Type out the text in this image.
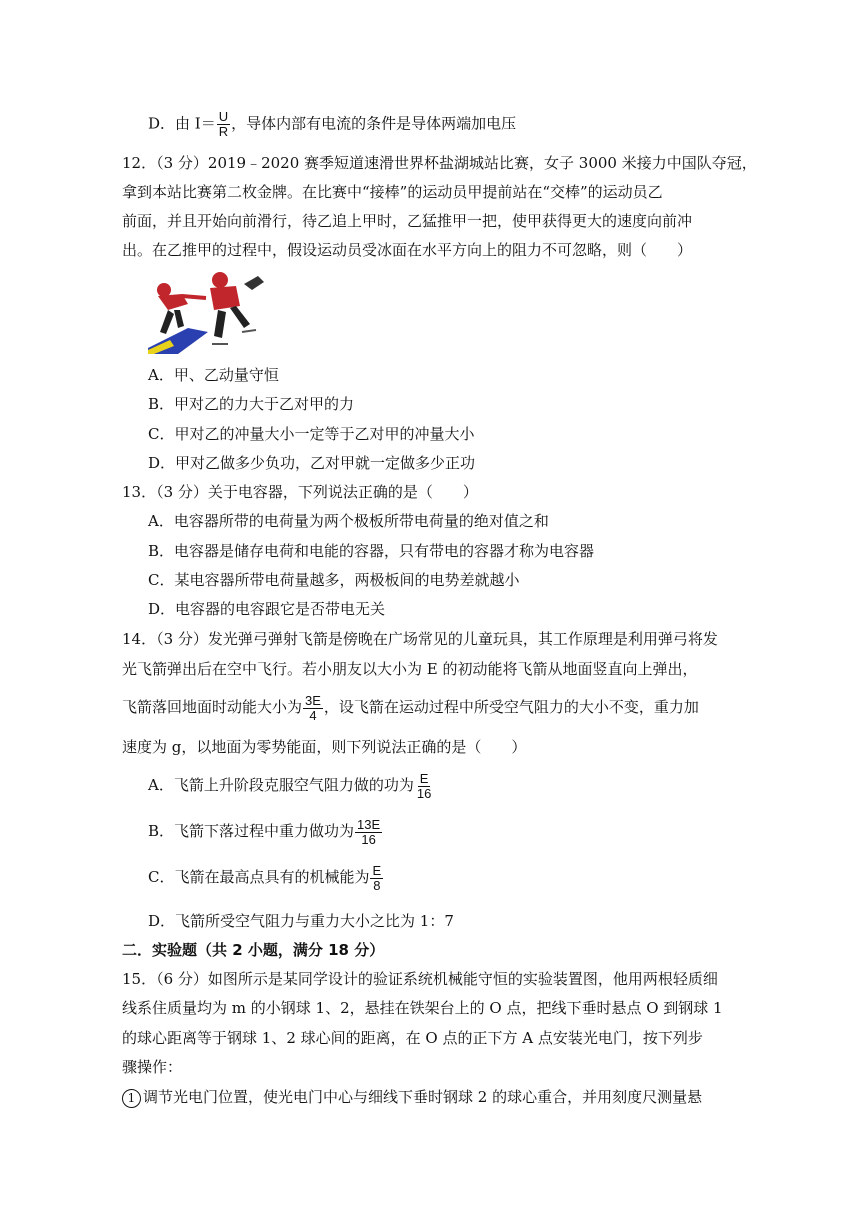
D．由 $I= \frac{U}{R}$ ，导体内部有电流的条件是导体两端加电压
12．（3 分）2019﹣2020 赛季短道速滑世界杯盐湖城站比赛，女子 3000 米接力中国队夺冠，
拿到本站比赛第二枚金牌。在比赛中“接棒”的运动员甲提前站在“交棒”的运动员乙
前面，并且开始向前滑行，待乙追上甲时，乙猛推甲一把，使甲获得更大的速度向前冲
出。在乙推甲的过程中，假设运动员受冰面在水平方向上的阻力不可忽略，则（　　）
A．甲、乙动量守恒
B．甲对乙的力大于乙对甲的力
C．甲对乙的冲量大小一定等于乙对甲的冲量大小
D．甲对乙做多少负功，乙对甲就一定做多少正功
13．（3 分）关于电容器，下列说法正确的是（　　）
A．电容器所带的电荷量为两个极板所带电荷量的绝对值之和
B．电容器是储存电荷和电能的容器，只有带电的容器才称为电容器
C．某电容器所带电荷量越多，两极板间的电势差就越小
D．电容器的电容跟它是否带电无关
14．（3 分）发光弹弓弹射飞箭是傍晚在广场常见的儿童玩具，其工作原理是利用弹弓将发
光飞箭弹出后在空中飞行。若小朋友以大小为 E 的初动能将飞箭从地面竖直向上弹出，
飞箭落回地面时动能大小为 $\frac{3E}{4}$ ，设飞箭在运动过程中所受空气阻力的大小不变，重力加
速度为 g，以地面为零势能面，则下列说法正确的是（　　）
A．飞箭上升阶段克服空气阻力做的功为 $\frac{E}{16}$
B．飞箭下落过程中重力做功为 $\frac{13E}{16}$
C．飞箭在最高点具有的机械能为 $\frac{E}{8}$
D．飞箭所受空气阻力与重力大小之比为 1：7
二．实验题（共 2 小题，满分 18 分）
15．（6 分）如图所示是某同学设计的验证系统机械能守恒的实验装置图，他用两根轻质细
线系住质量均为 m 的小钢球 1、2，悬挂在铁架台上的 O 点，把线下垂时悬点 O 到钢球 1
的球心距离等于钢球 1、2 球心间的距离，在 O 点的正下方 A 点安装光电门，按下列步
骤操作：
1 调节光电门位置，使光电门中心与细线下垂时钢球 2 的球心重合，并用刻度尺测量悬
